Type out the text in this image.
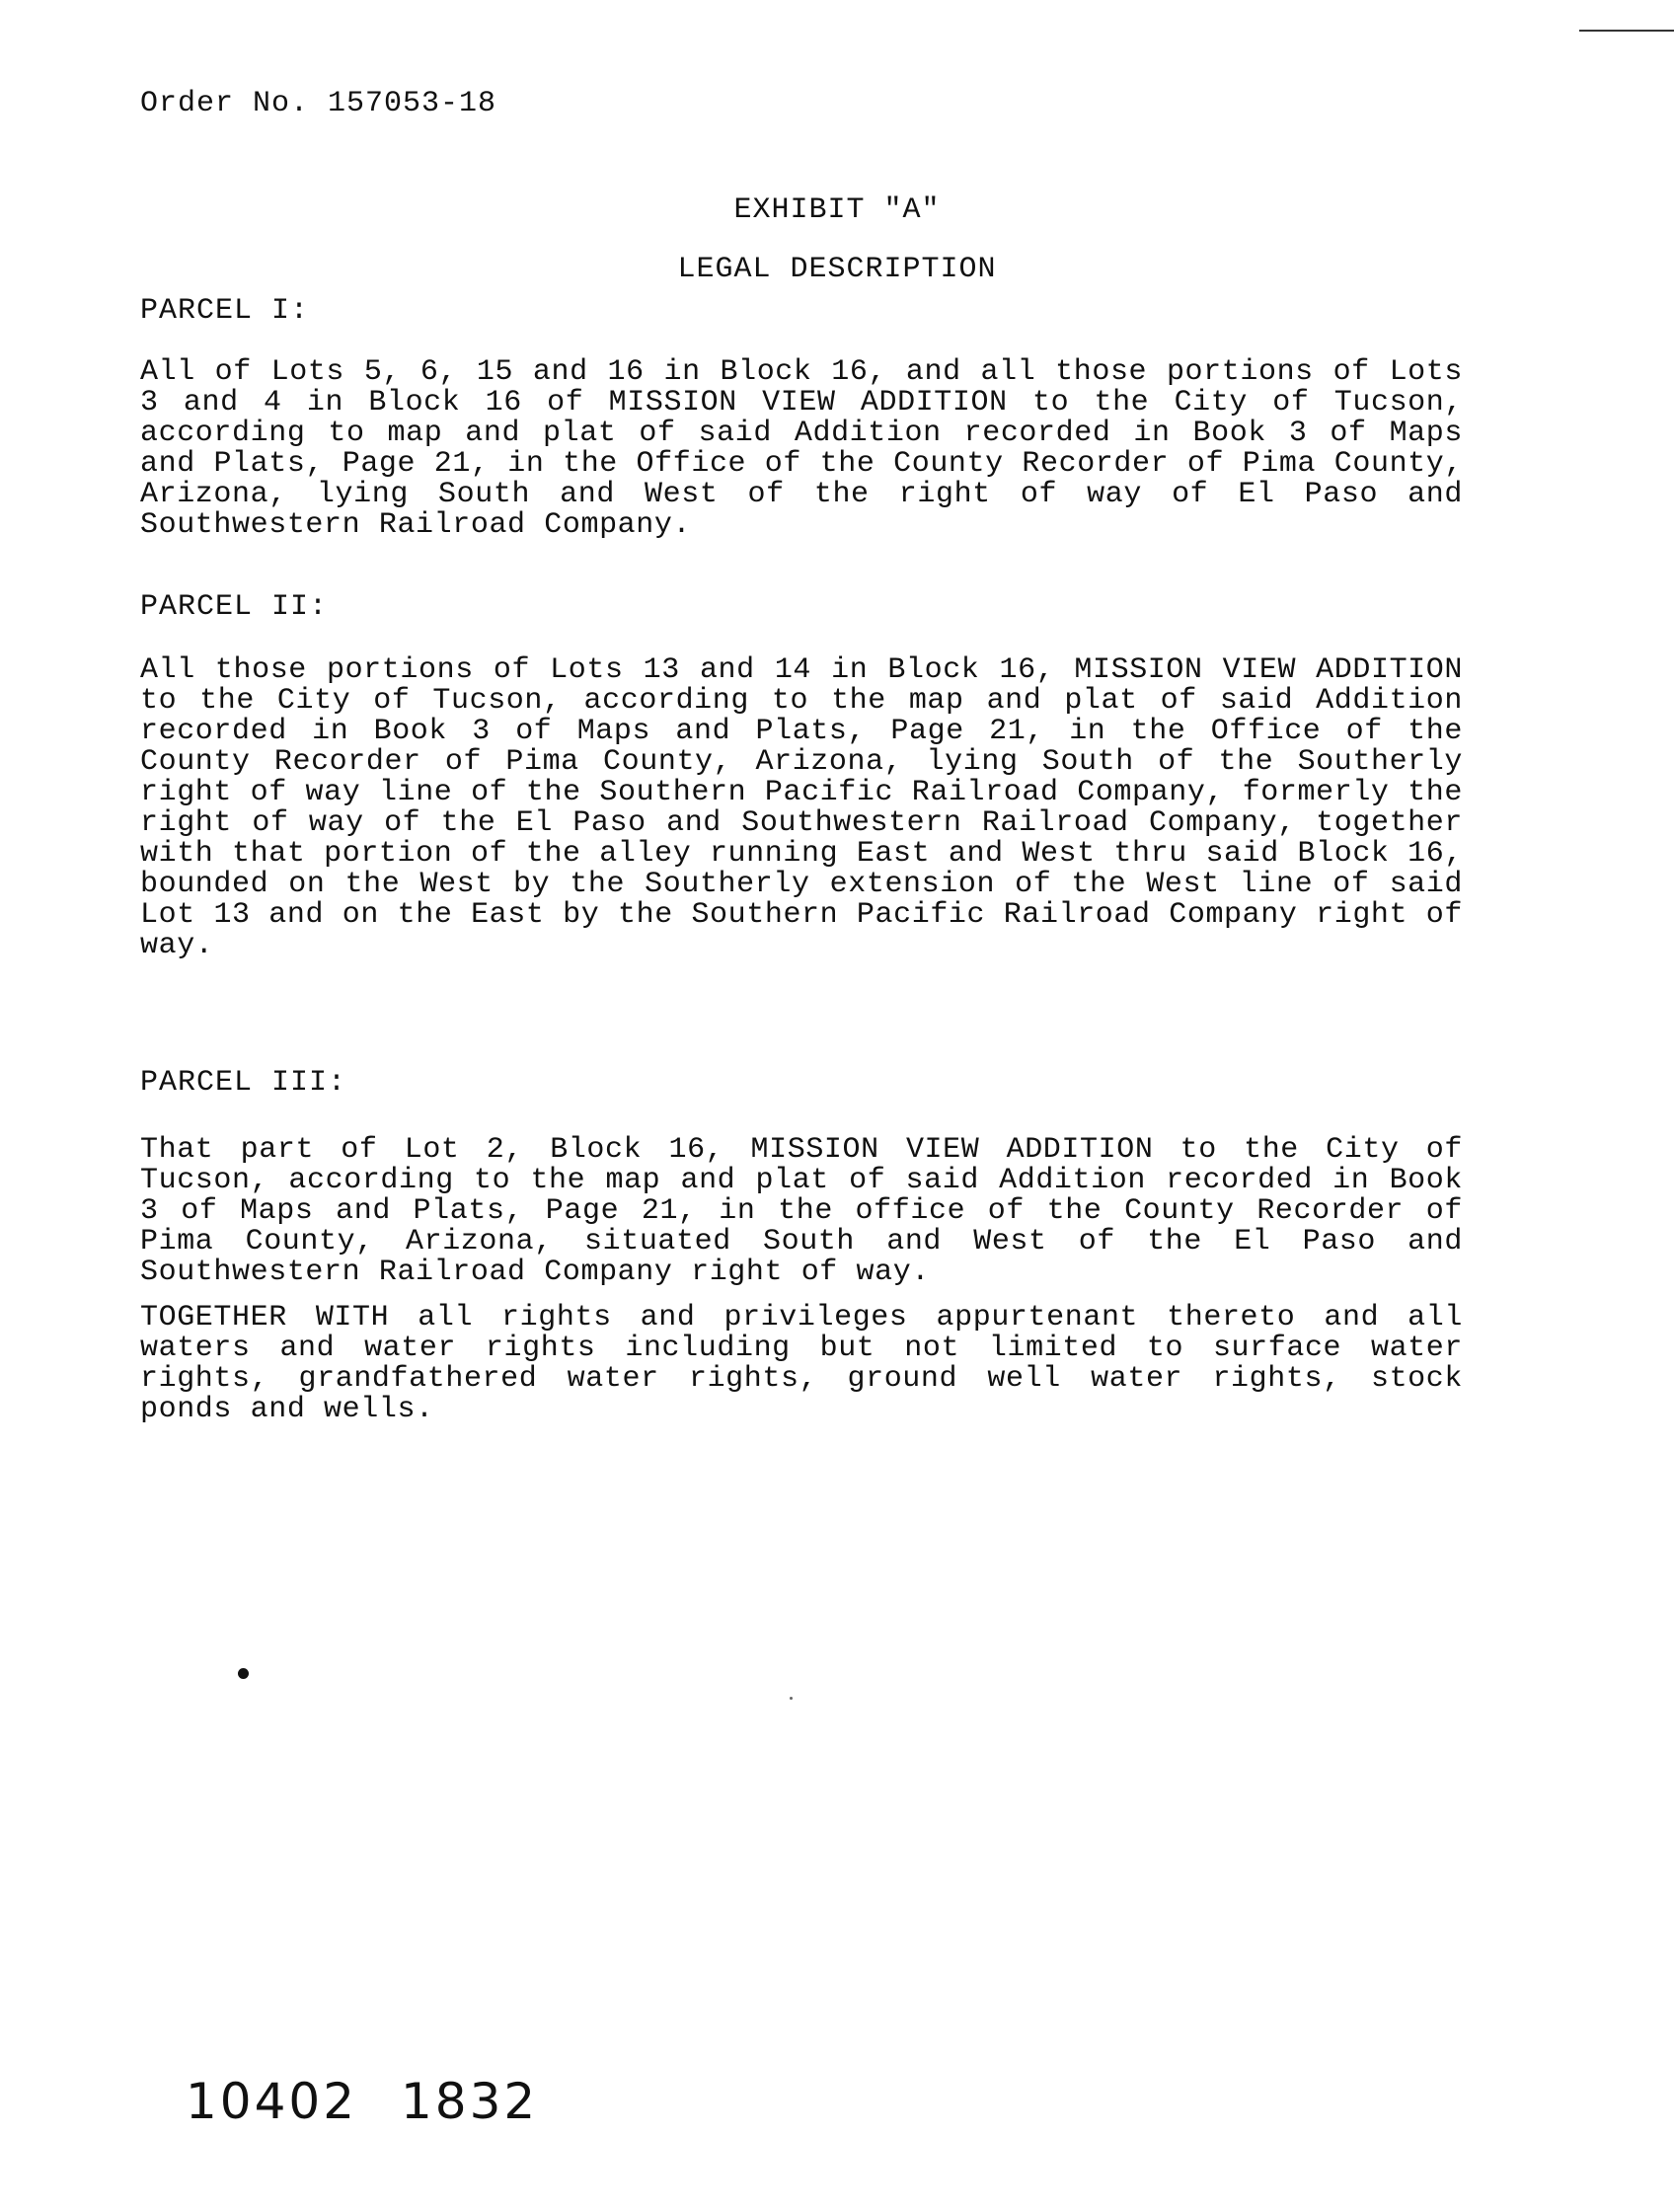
Order No. 157053-18
EXHIBIT "A"
LEGAL DESCRIPTION
PARCEL I:
All of Lots 5, 6, 15 and 16 in Block 16, and all those portions of Lots 3 and 4 in Block 16 of MISSION VIEW ADDITION to the City of Tucson, according to map and plat of said Addition recorded in Book 3 of Maps and Plats, Page 21, in the Office of the County Recorder of Pima County, Arizona, lying South and West of the right of way of El Paso and Southwestern Railroad Company.
PARCEL II:
All those portions of Lots 13 and 14 in Block 16, MISSION VIEW ADDITION to the City of Tucson, according to the map and plat of said Addition recorded in Book 3 of Maps and Plats, Page 21, in the Office of the County Recorder of Pima County, Arizona, lying South of the Southerly right of way line of the Southern Pacific Railroad Company, formerly the right of way of the El Paso and Southwestern Railroad Company, together with that portion of the alley running East and West thru said Block 16, bounded on the West by the Southerly extension of the West line of said Lot 13 and on the East by the Southern Pacific Railroad Company right of way.
PARCEL III:
That part of Lot 2, Block 16, MISSION VIEW ADDITION to the City of Tucson, according to the map and plat of said Addition recorded in Book 3 of Maps and Plats, Page 21, in the office of the County Recorder of Pima County, Arizona, situated South and West of the El Paso and Southwestern Railroad Company right of way.
TOGETHER WITH all rights and privileges appurtenant thereto and all waters and water rights including but not limited to surface water rights, grandfathered water rights, ground well water rights, stock ponds and wells.
10402 1832
